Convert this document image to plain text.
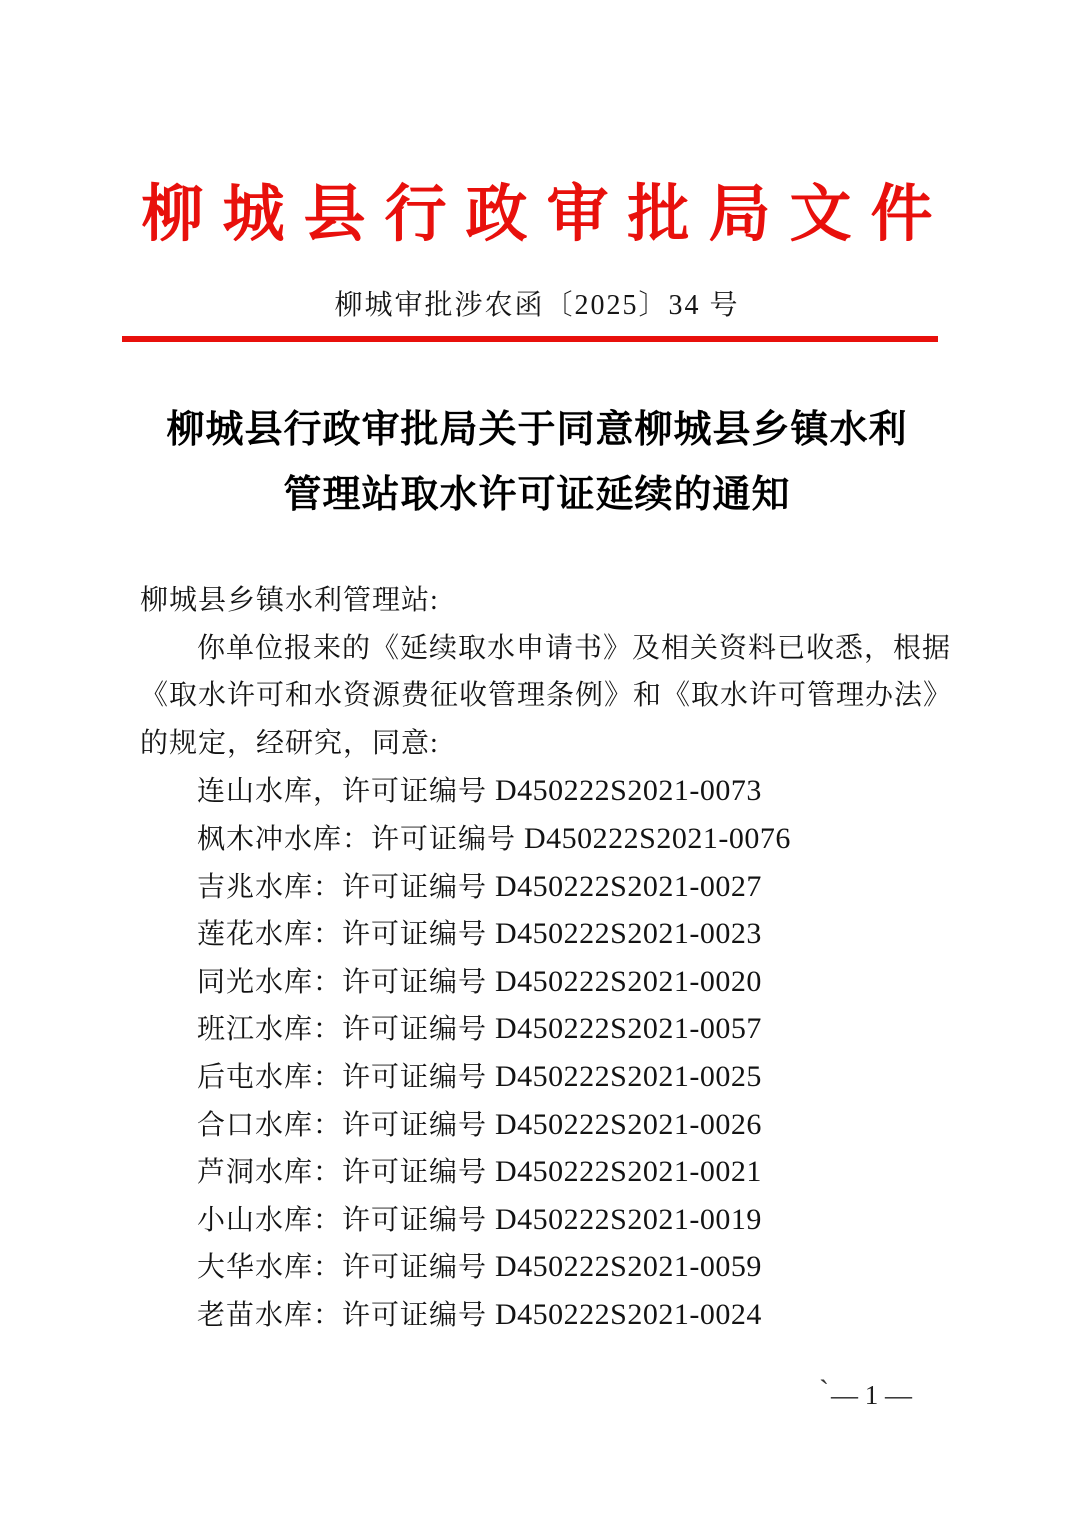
柳城县行政审批局文件
柳城审批涉农函〔2025〕34 号
柳城县行政审批局关于同意柳城县乡镇水利
管理站取水许可证延续的通知
柳城县乡镇水利管理站:
你单位报来的《延续取水申请书》及相关资料已收悉，根据
《取水许可和水资源费征收管理条例》和《取水许可管理办法》
的规定，经研究，同意:
连山水库，许可证编号 D450222S2021-0073
枫木冲水库：许可证编号 D450222S2021-0076
吉兆水库：许可证编号 D450222S2021-0027
莲花水库：许可证编号 D450222S2021-0023
同光水库：许可证编号 D450222S2021-0020
班江水库：许可证编号 D450222S2021-0057
后屯水库：许可证编号 D450222S2021-0025
合口水库：许可证编号 D450222S2021-0026
芦洞水库：许可证编号 D450222S2021-0021
小山水库：许可证编号 D450222S2021-0019
大华水库：许可证编号 D450222S2021-0059
老苗水库：许可证编号 D450222S2021-0024
`— 1 —
